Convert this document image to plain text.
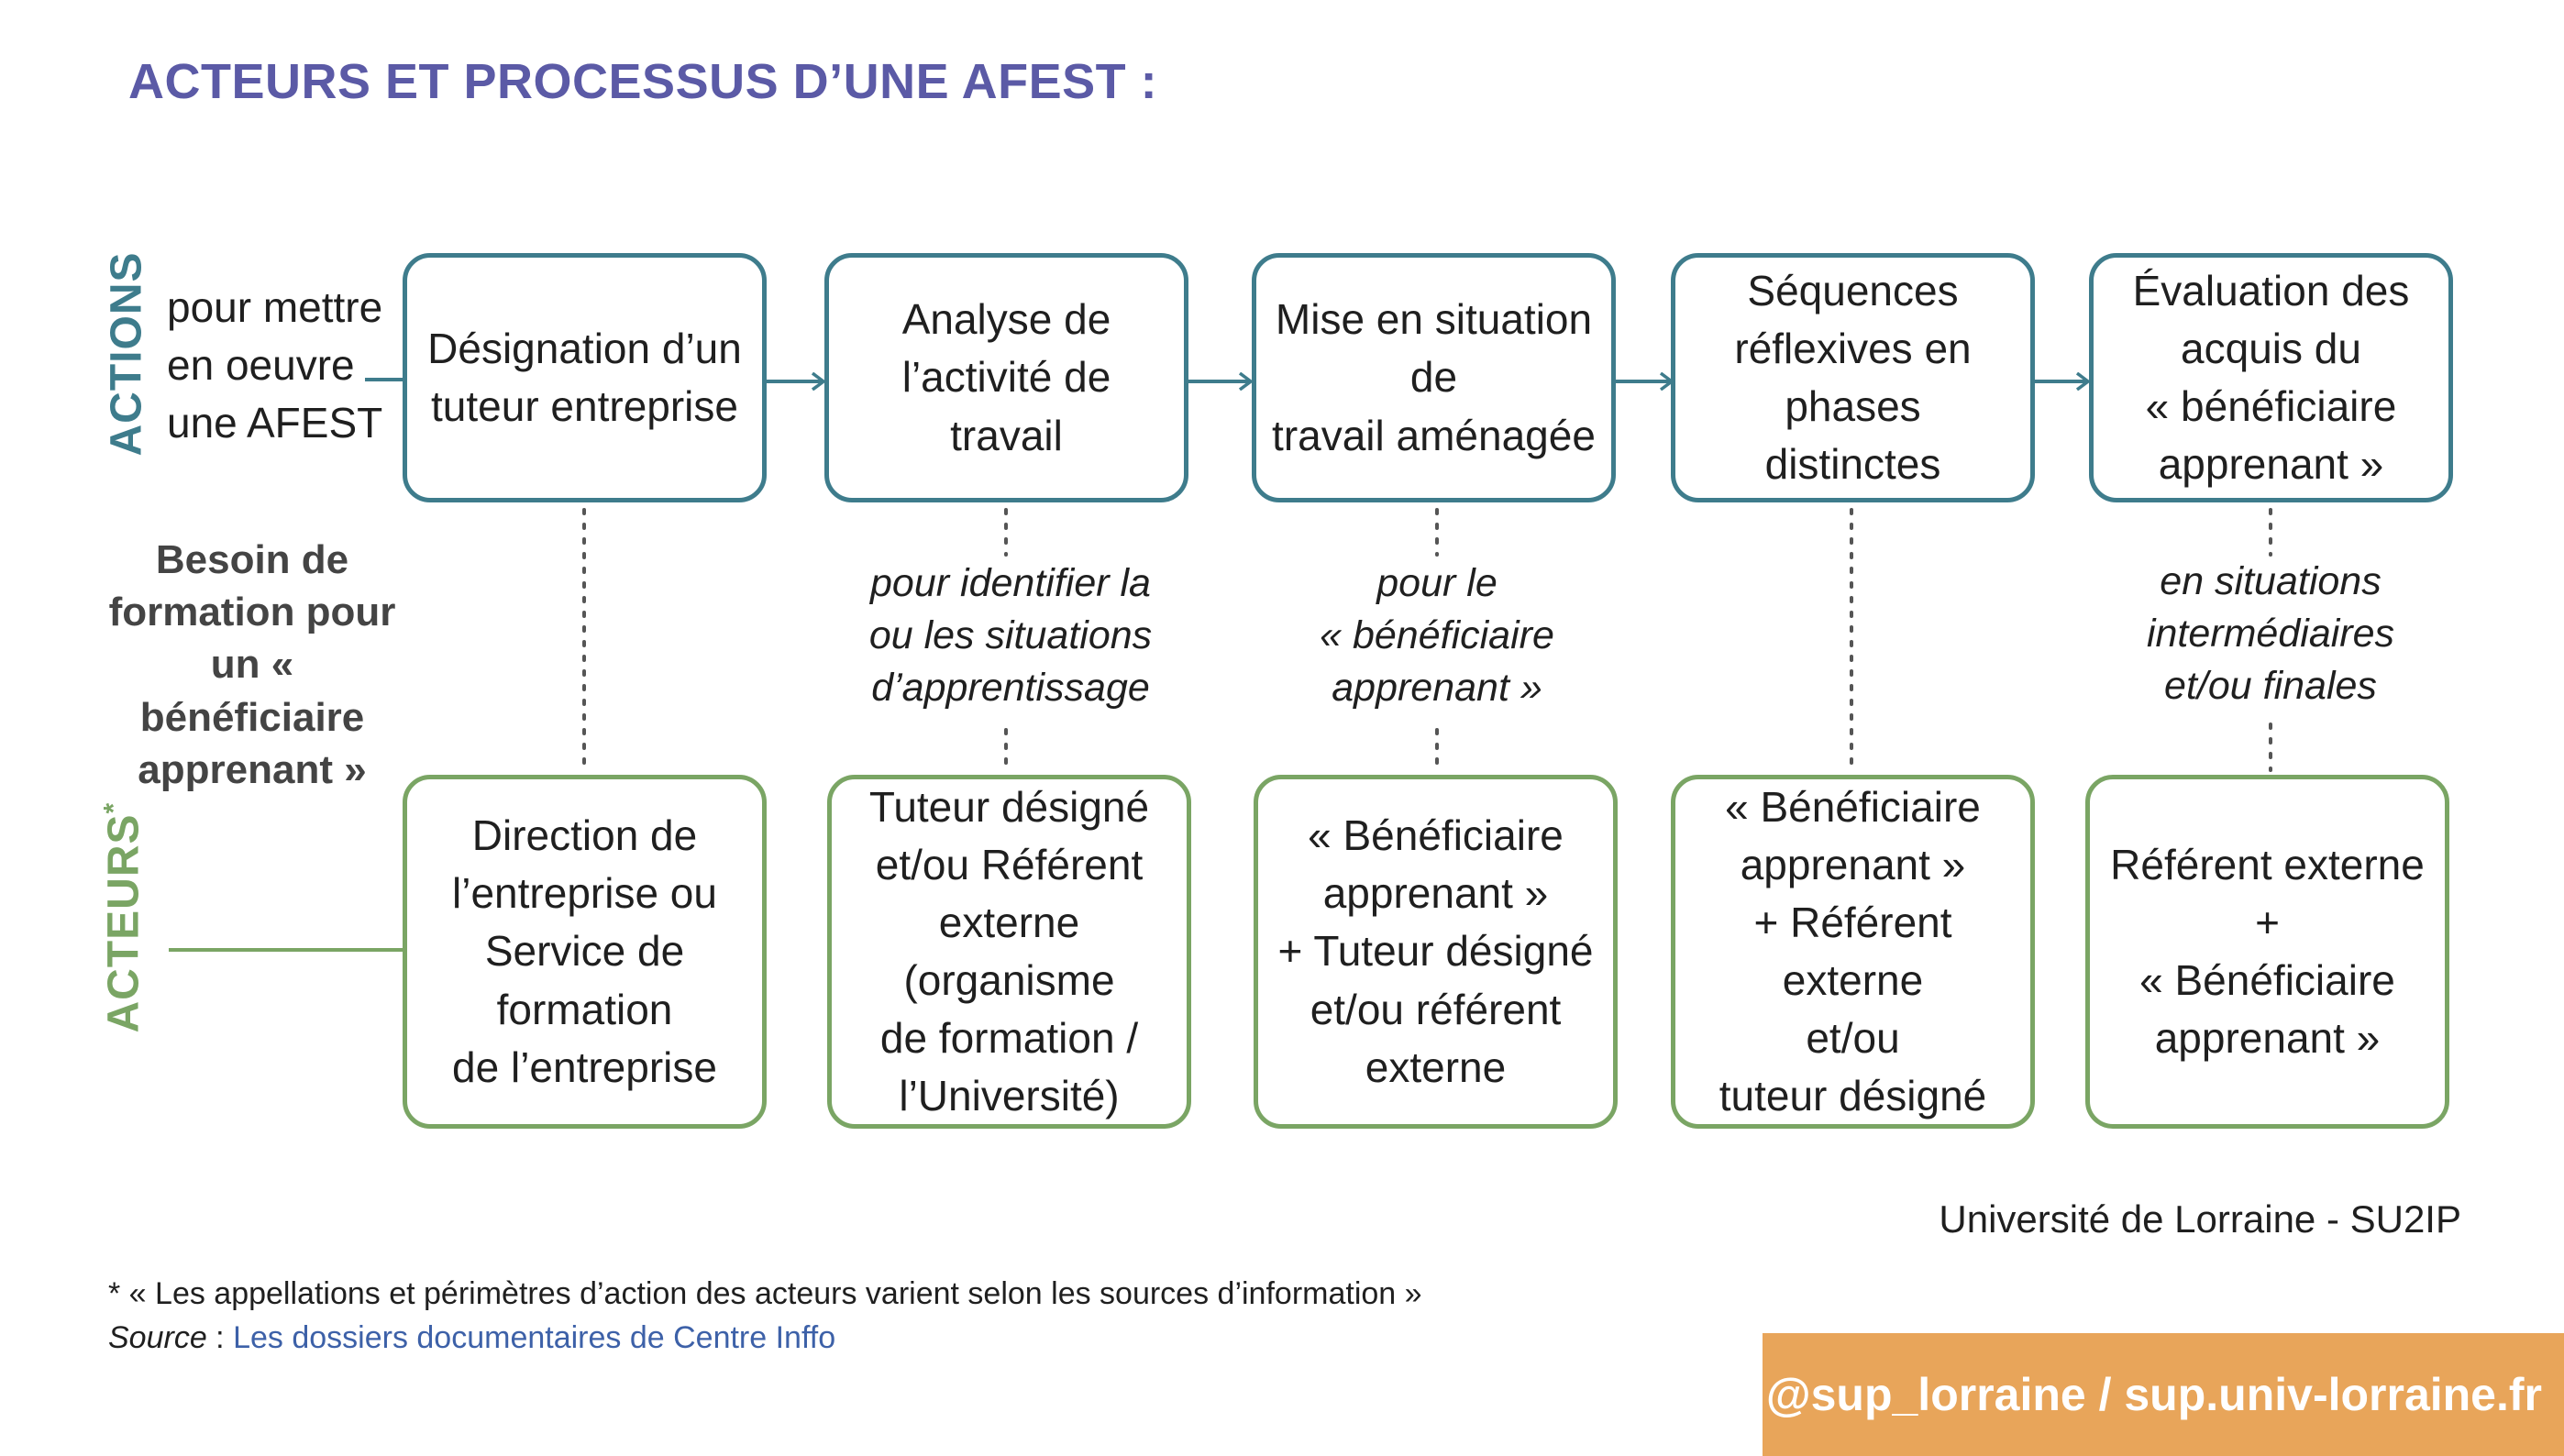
ACTEURS ET PROCESSUS D’UNE AFEST :
ACTIONS
ACTEURS*
pour mettre
en oeuvre
une AFEST
Besoin de
formation pour
un « bénéficiaire
apprenant »
Désignation d’un
tuteur entreprise
Analyse de
l’activité de travail
Mise en situation de
travail aménagée
Séquences
réflexives en phases
distinctes
Évaluation des
acquis du
« bénéficiaire
apprenant »
pour identifier la
ou les situations
d’apprentissage
pour le
« bénéficiaire
apprenant »
en situations
intermédiaires
et/ou finales
Direction de
l’entreprise ou
Service de
formation
de l’entreprise
Tuteur désigné
et/ou Référent
externe (organisme
de formation /
l’Université)
« Bénéficiaire
apprenant »
+ Tuteur désigné
et/ou référent
externe
« Bénéficiaire
apprenant »
+ Référent externe
et/ou
tuteur désigné
Référent externe
+
« Bénéficiaire
apprenant »
Université de Lorraine - SU2IP
* « Les appellations et périmètres d’action des acteurs varient selon les sources d’information »
Source : Les dossiers documentaires de Centre Inffo
@sup_lorraine / sup.univ-lorraine.fr
